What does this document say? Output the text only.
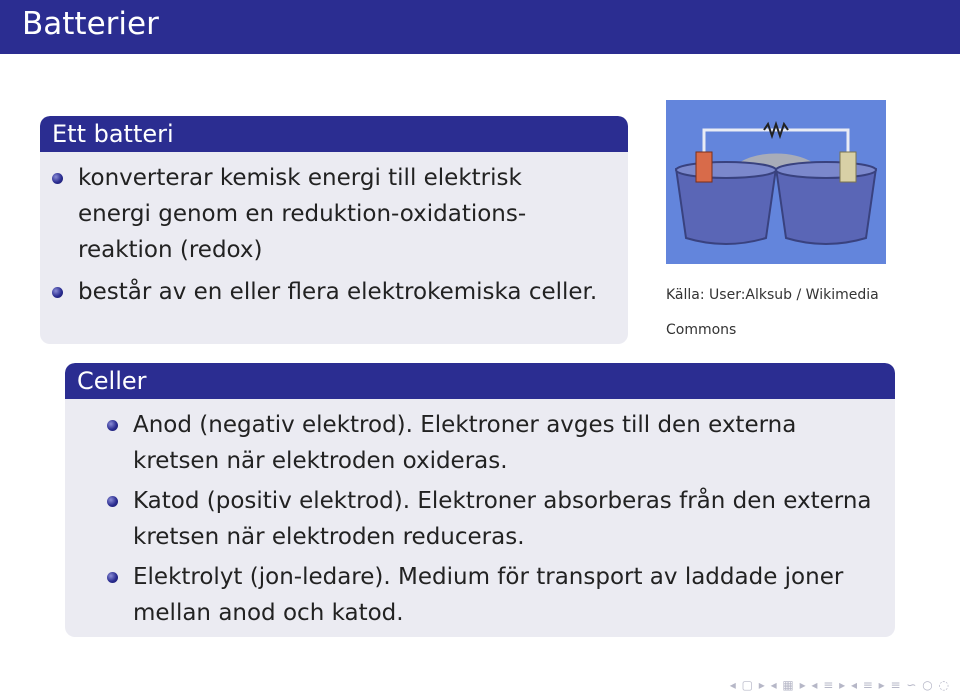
Batterier
Ett batteri
konverterar kemisk energi till elektrisk energi genom en reduktion-oxidations-reaktion (redox)
består av en eller flera elektrokemiska celler.	Källa: User:Alksub / Wikimedia
Commons
Celler
Anod (negativ elektrod). Elektroner avges till den externa kretsen när elektroden oxideras.
Katod (positiv elektrod). Elektroner absorberas från den externa kretsen när elektroden reduceras.
Elektrolyt (jon-ledare). Medium för transport av laddade joner mellan anod och katod.
◂ ▢ ▸ ◂ ▦ ▸ ◂ ≡ ▸ ◂ ≡ ▸ ≡ ∽ ○ ◌
